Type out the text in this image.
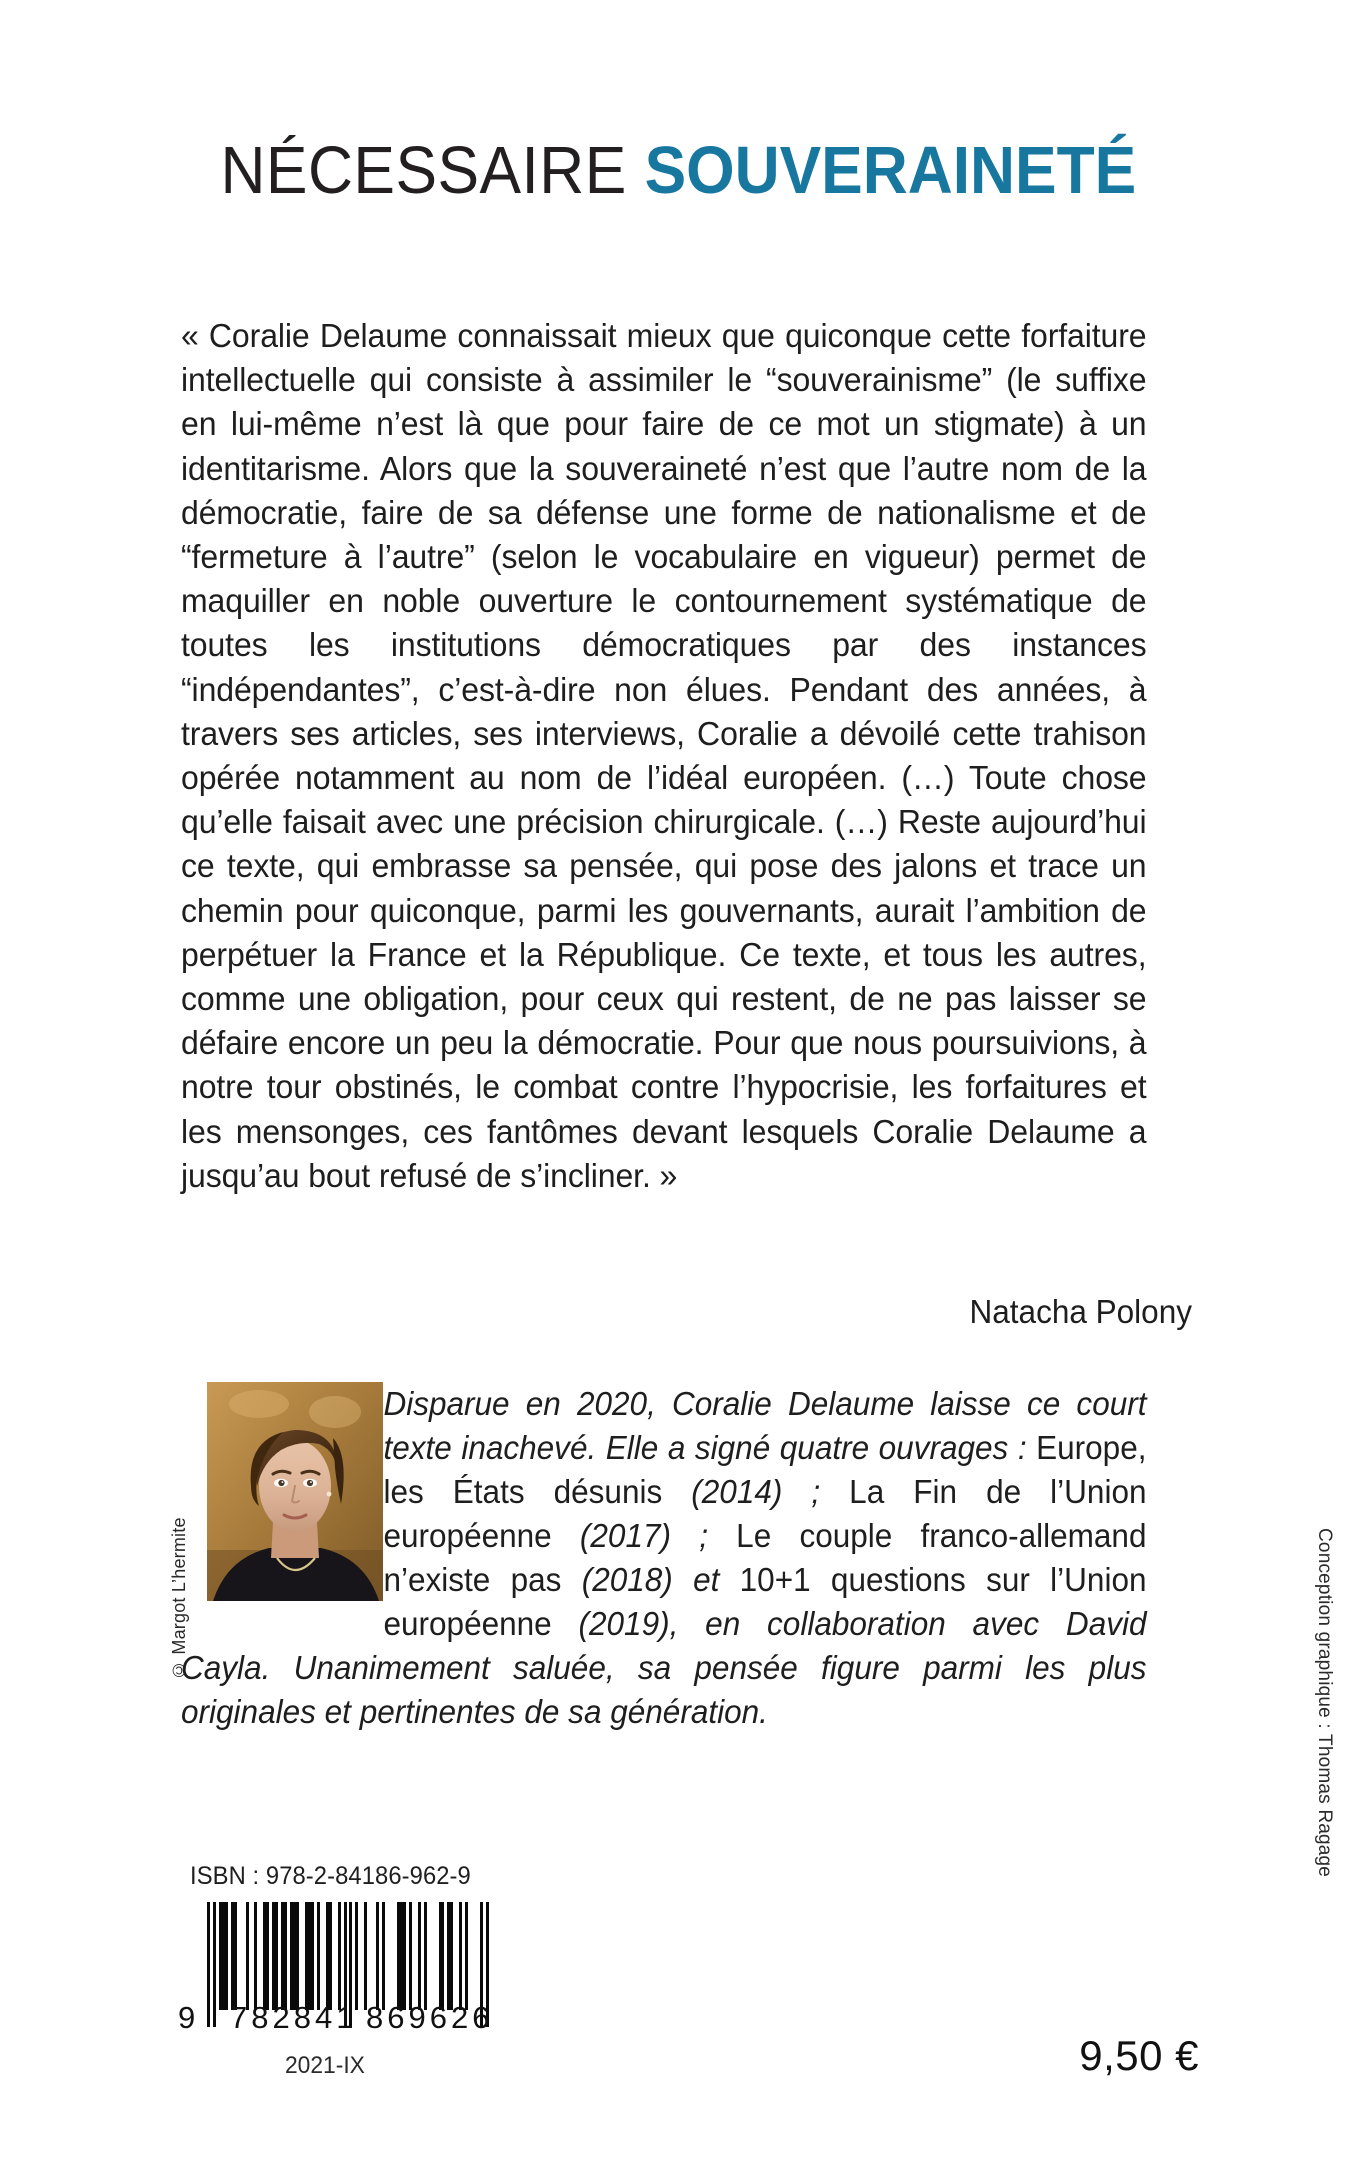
NÉCESSAIRE SOUVERAINETÉ

« Coralie Delaume connaissait mieux que quiconque cette forfaiture intellectuelle qui consiste à assimiler le “souverainisme” (le suffixe en lui-même n’est là que pour faire de ce mot un stigmate) à un identitarisme. Alors que la souveraineté n’est que l’autre nom de la démocratie, faire de sa défense une forme de nationalisme et de “fermeture à l’autre” (selon le vocabulaire en vigueur) permet de maquiller en noble ouverture le contournement systématique de toutes les institutions démocratiques par des instances “indépendantes”, c’est-à-dire non élues. Pendant des années, à travers ses articles, ses interviews, Coralie a dévoilé cette trahison opérée notamment au nom de l’idéal européen. (…) Toute chose qu’elle faisait avec une précision chirurgicale. (…) Reste aujourd’hui ce texte, qui embrasse sa pensée, qui pose des jalons et trace un chemin pour quiconque, parmi les gouvernants, aurait l’ambition de perpétuer la France et la République. Ce texte, et tous les autres, comme une obligation, pour ceux qui restent, de ne pas laisser se défaire encore un peu la démocratie. Pour que nous poursuivions, à notre tour obstinés, le combat contre l’hypocrisie, les forfaitures et les mensonges, ces fantômes devant lesquels Coralie Delaume a jusqu’au bout refusé de s’incliner. »

Natacha Polony
© Margot L’hermite
Disparue en 2020, Coralie Delaume laisse ce court texte inachevé. Elle a signé quatre ouvrages : Europe, les États désunis (2014) ; La Fin de l’Union européenne (2017) ; Le couple franco-allemand n’existe pas (2018) et 10+1 questions sur l’Union européenne (2019), en collaboration avec David Cayla. Unanimement saluée, sa pensée figure parmi les plus originales et pertinentes de sa génération.
ISBN : 978-2-84186-962-9
9 782841 869626
2021-IX	9,50 €
Conception graphique : Thomas Ragage
